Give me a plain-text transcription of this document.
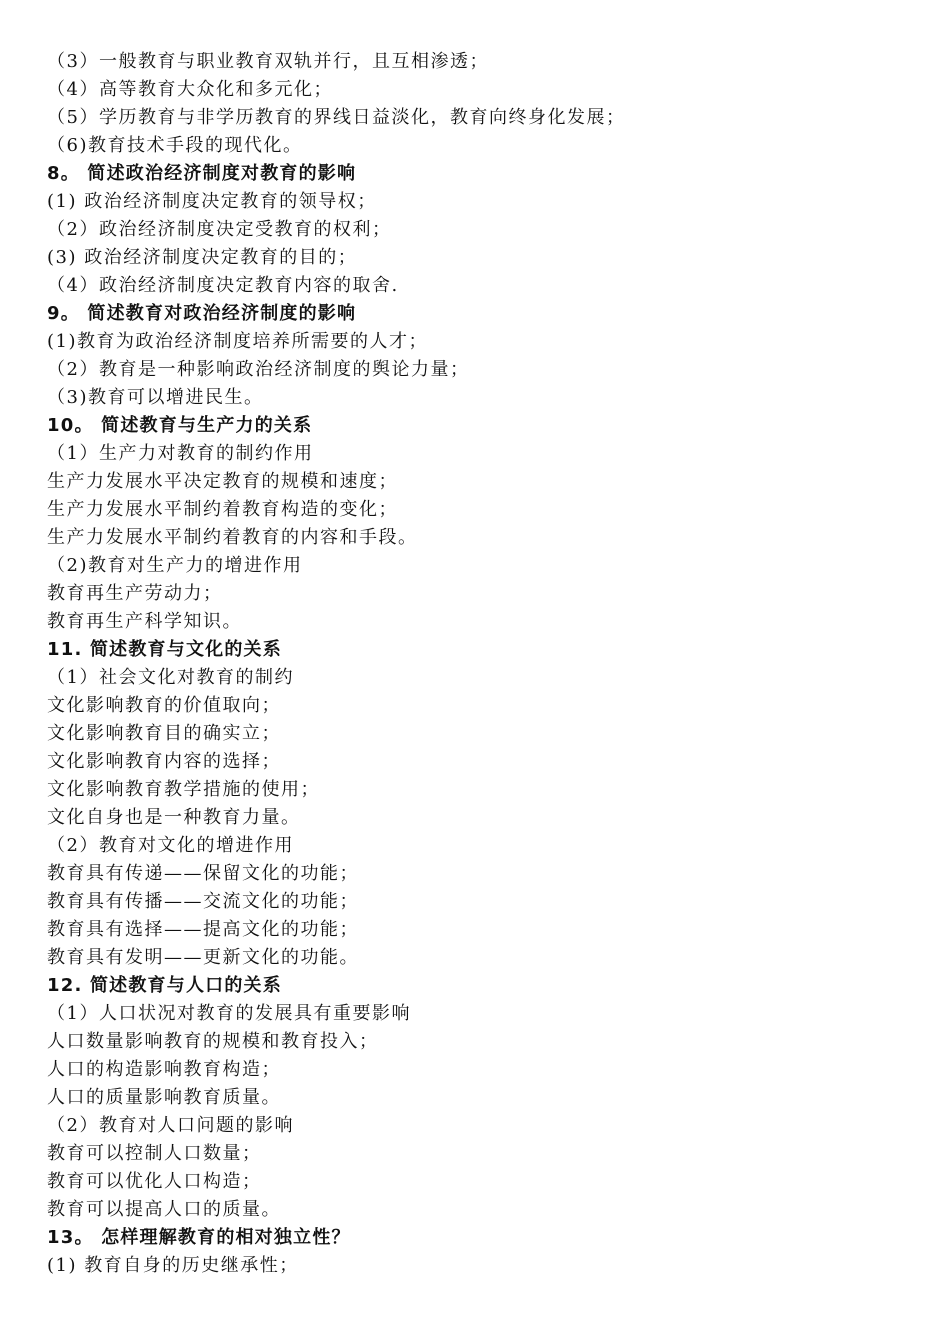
（3）一般教育与职业教育双轨并行，且互相渗透；
（4）高等教育大众化和多元化；
（5）学历教育与非学历教育的界线日益淡化，教育向终身化发展；
（6)教育技术手段的现代化。
8。 简述政治经济制度对教育的影响
(1) 政治经济制度决定教育的领导权；
（2）政治经济制度决定受教育的权利；
(3) 政治经济制度决定教育的目的；
（4）政治经济制度决定教育内容的取舍.
9。 简述教育对政治经济制度的影响
(1)教育为政治经济制度培养所需要的人才；
（2）教育是一种影响政治经济制度的舆论力量；
（3)教育可以增进民生。
10。 简述教育与生产力的关系
（1）生产力对教育的制约作用
生产力发展水平决定教育的规模和速度；
生产力发展水平制约着教育构造的变化；
生产力发展水平制约着教育的内容和手段。
（2)教育对生产力的增进作用
教育再生产劳动力；
教育再生产科学知识。
11. 简述教育与文化的关系
（1）社会文化对教育的制约
文化影响教育的价值取向；
文化影响教育目的确实立；
文化影响教育内容的选择；
文化影响教育教学措施的使用；
文化自身也是一种教育力量。
（2）教育对文化的增进作用
教育具有传递——保留文化的功能；
教育具有传播——交流文化的功能；
教育具有选择——提高文化的功能；
教育具有发明——更新文化的功能。
12. 简述教育与人口的关系
（1）人口状况对教育的发展具有重要影响
人口数量影响教育的规模和教育投入；
人口的构造影响教育构造；
人口的质量影响教育质量。
（2）教育对人口问题的影响
教育可以控制人口数量；
教育可以优化人口构造；
教育可以提高人口的质量。
13。 怎样理解教育的相对独立性？
(1) 教育自身的历史继承性；
